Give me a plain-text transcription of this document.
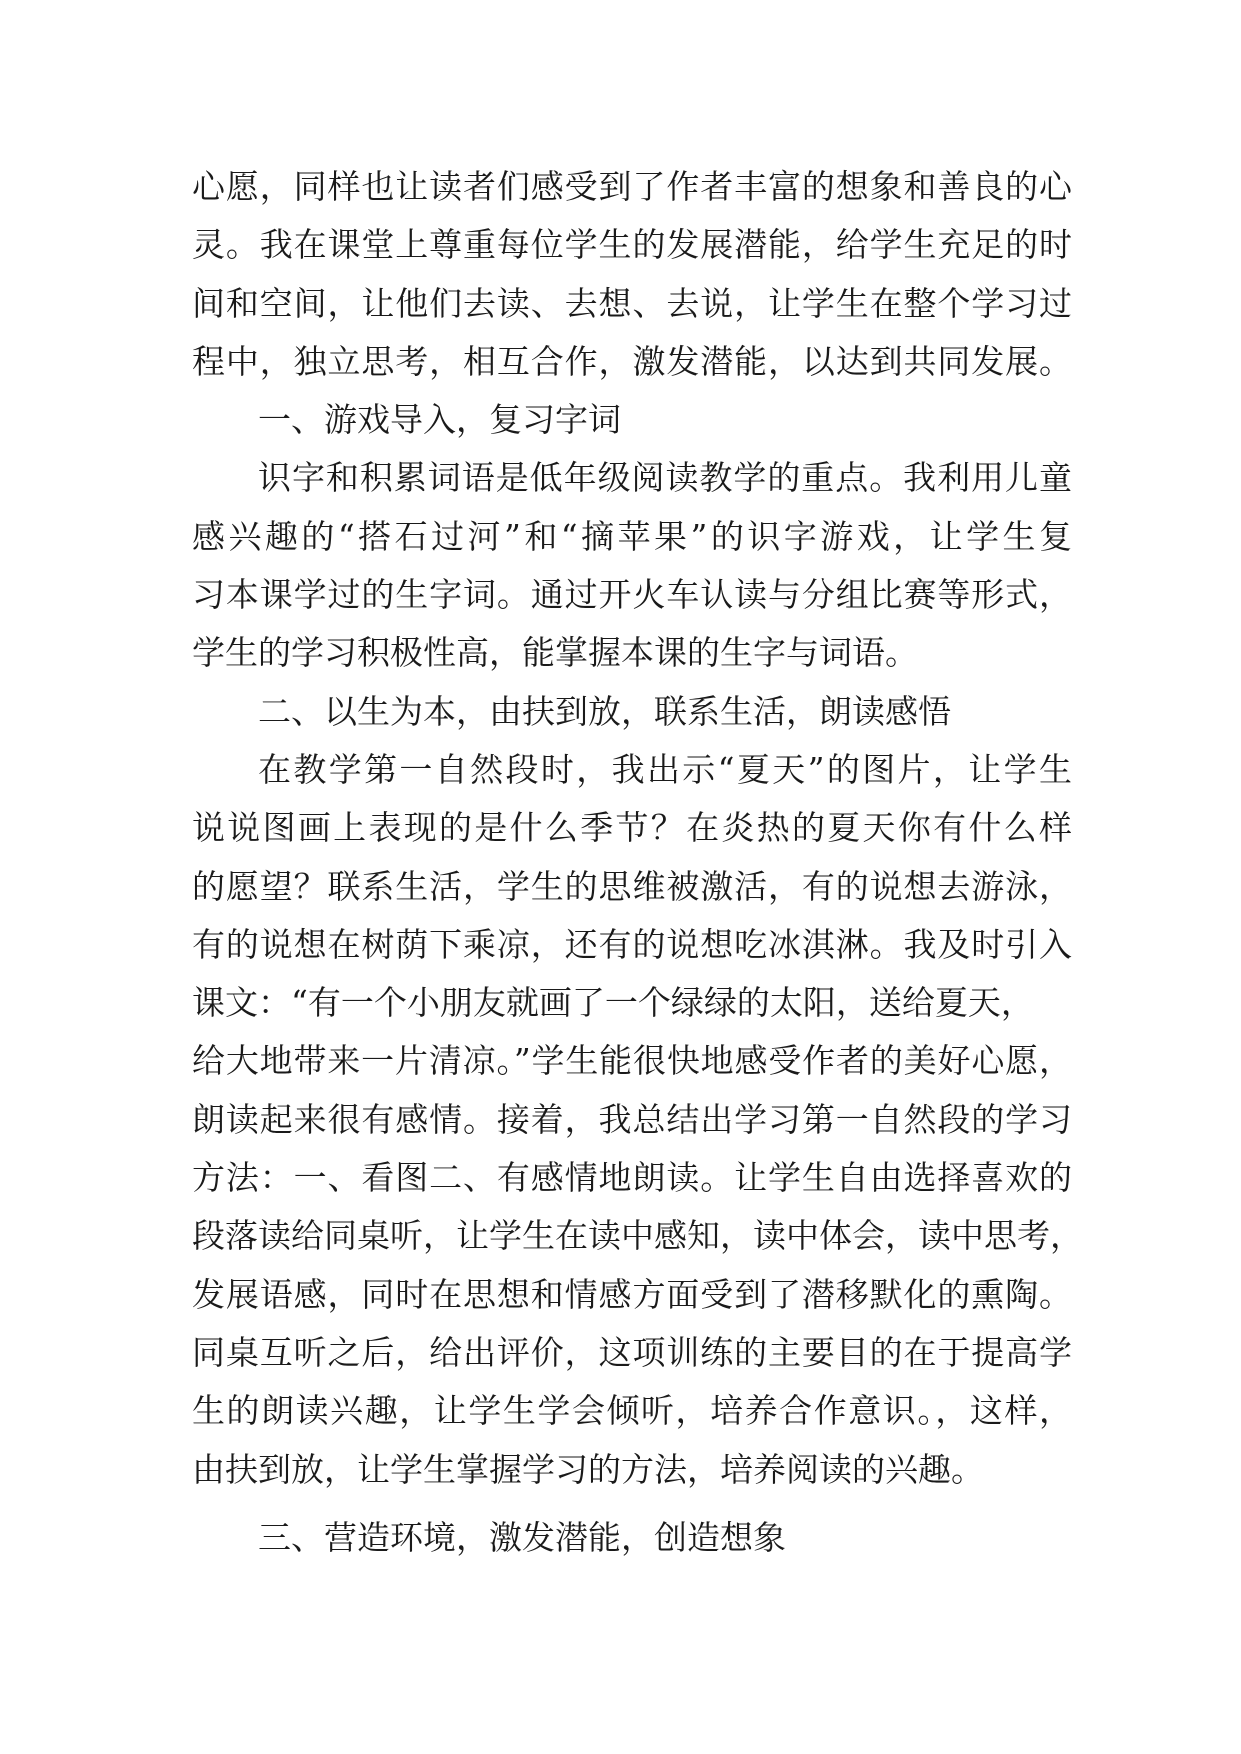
心愿，同样也让读者们感受到了作者丰富的想象和善良的心
灵。我在课堂上尊重每位学生的发展潜能，给学生充足的时
间和空间，让他们去读、去想、去说，让学生在整个学习过
程中，独立思考，相互合作，激发潜能，以达到共同发展。
一、游戏导入，复习字词
识字和积累词语是低年级阅读教学的重点。我利用儿童
感兴趣的“搭石过河”和“摘苹果”的识字游戏，让学生复
习本课学过的生字词。通过开火车认读与分组比赛等形式，
学生的学习积极性高，能掌握本课的生字与词语。
二、以生为本，由扶到放，联系生活，朗读感悟
在教学第一自然段时，我出示“夏天”的图片，让学生
说说图画上表现的是什么季节？在炎热的夏天你有什么样
的愿望？联系生活，学生的思维被激活，有的说想去游泳，
有的说想在树荫下乘凉，还有的说想吃冰淇淋。我及时引入
课文：“有一个小朋友就画了一个绿绿的太阳，送给夏天，
给大地带来一片清凉。”学生能很快地感受作者的美好心愿，
朗读起来很有感情。接着，我总结出学习第一自然段的学习
方法：一、看图二、有感情地朗读。让学生自由选择喜欢的
段落读给同桌听，让学生在读中感知，读中体会，读中思考，
发展语感，同时在思想和情感方面受到了潜移默化的熏陶。
同桌互听之后，给出评价，这项训练的主要目的在于提高学
生的朗读兴趣，让学生学会倾听，培养合作意识。，这样，
由扶到放，让学生掌握学习的方法，培养阅读的兴趣。
三、营造环境，激发潜能，创造想象
